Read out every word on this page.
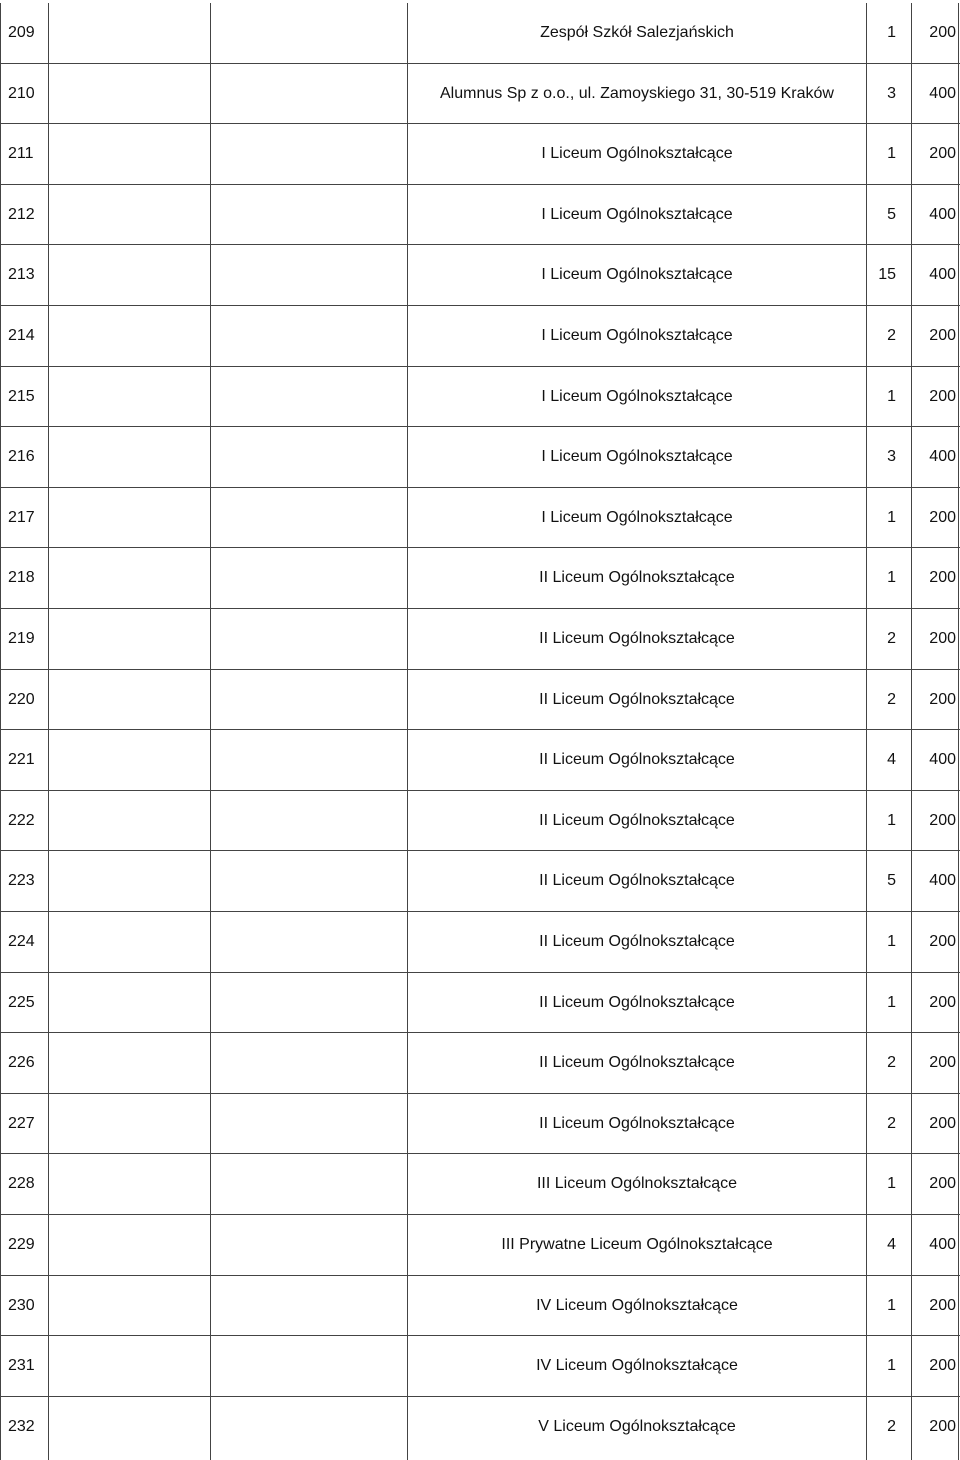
209	Zespół Szkół Salezjańskich	1	200
210	Alumnus Sp z o.o., ul. Zamoyskiego 31, 30-519 Kraków	3	400
211	I Liceum Ogólnokształcące	1	200
212	I Liceum Ogólnokształcące	5	400
213	I Liceum Ogólnokształcące	15	400
214	I Liceum Ogólnokształcące	2	200
215	I Liceum Ogólnokształcące	1	200
216	I Liceum Ogólnokształcące	3	400
217	I Liceum Ogólnokształcące	1	200
218	II Liceum Ogólnokształcące	1	200
219	II Liceum Ogólnokształcące	2	200
220	II Liceum Ogólnokształcące	2	200
221	II Liceum Ogólnokształcące	4	400
222	II Liceum Ogólnokształcące	1	200
223	II Liceum Ogólnokształcące	5	400
224	II Liceum Ogólnokształcące	1	200
225	II Liceum Ogólnokształcące	1	200
226	II Liceum Ogólnokształcące	2	200
227	II Liceum Ogólnokształcące	2	200
228	III Liceum Ogólnokształcące	1	200
229	III Prywatne Liceum Ogólnokształcące	4	400
230	IV Liceum Ogólnokształcące	1	200
231	IV Liceum Ogólnokształcące	1	200
232	V Liceum Ogólnokształcące	2	200
